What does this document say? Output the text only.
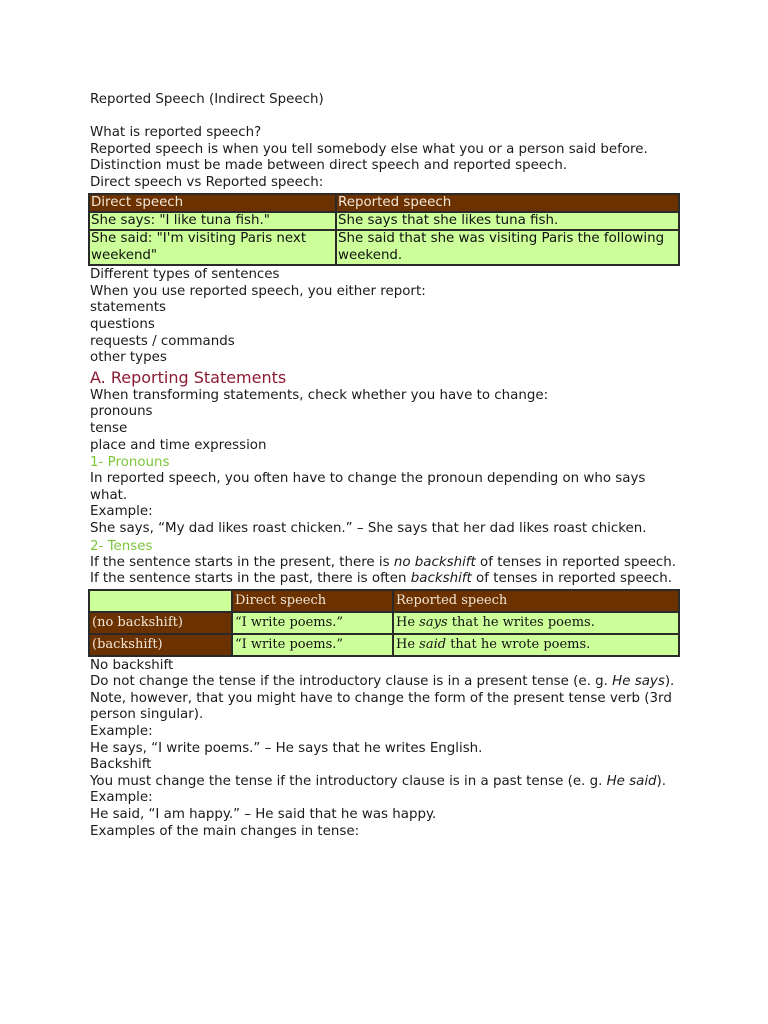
Reported Speech (Indirect Speech)
What is reported speech?
Reported speech is when you tell somebody else what you or a person said before.
Distinction must be made between direct speech and reported speech.
Direct speech vs Reported speech:
Direct speech	Reported speech
She says: "I like tuna fish."	She says that she likes tuna fish.
She said: "I'm visiting Paris next weekend"	She said that she was visiting Paris the following weekend.
Different types of sentences
When you use reported speech, you either report:
statements
questions
requests / commands
other types
A. Reporting Statements
When transforming statements, check whether you have to change:
pronouns
tense
place and time expression
1- Pronouns
In reported speech, you often have to change the pronoun depending on who says what.
Example:
She says, “My dad likes roast chicken.” – She says that her dad likes roast chicken.
2- Tenses
If the sentence starts in the present, there is no backshift of tenses in reported speech.
If the sentence starts in the past, there is often backshift of tenses in reported speech.
	Direct speech	Reported speech
(no backshift)	“I write poems.”	He says that he writes poems.
(backshift)	“I write poems.”	He said that he wrote poems.
No backshift
Do not change the tense if the introductory clause is in a present tense (e. g. He says). Note, however, that you might have to change the form of the present tense verb (3rd person singular).
Example:
He says, “I write poems.” – He says that he writes English.
Backshift
You must change the tense if the introductory clause is in a past tense (e. g. He said).
Example:
He said, “I am happy.” – He said that he was happy.
Examples of the main changes in tense:
